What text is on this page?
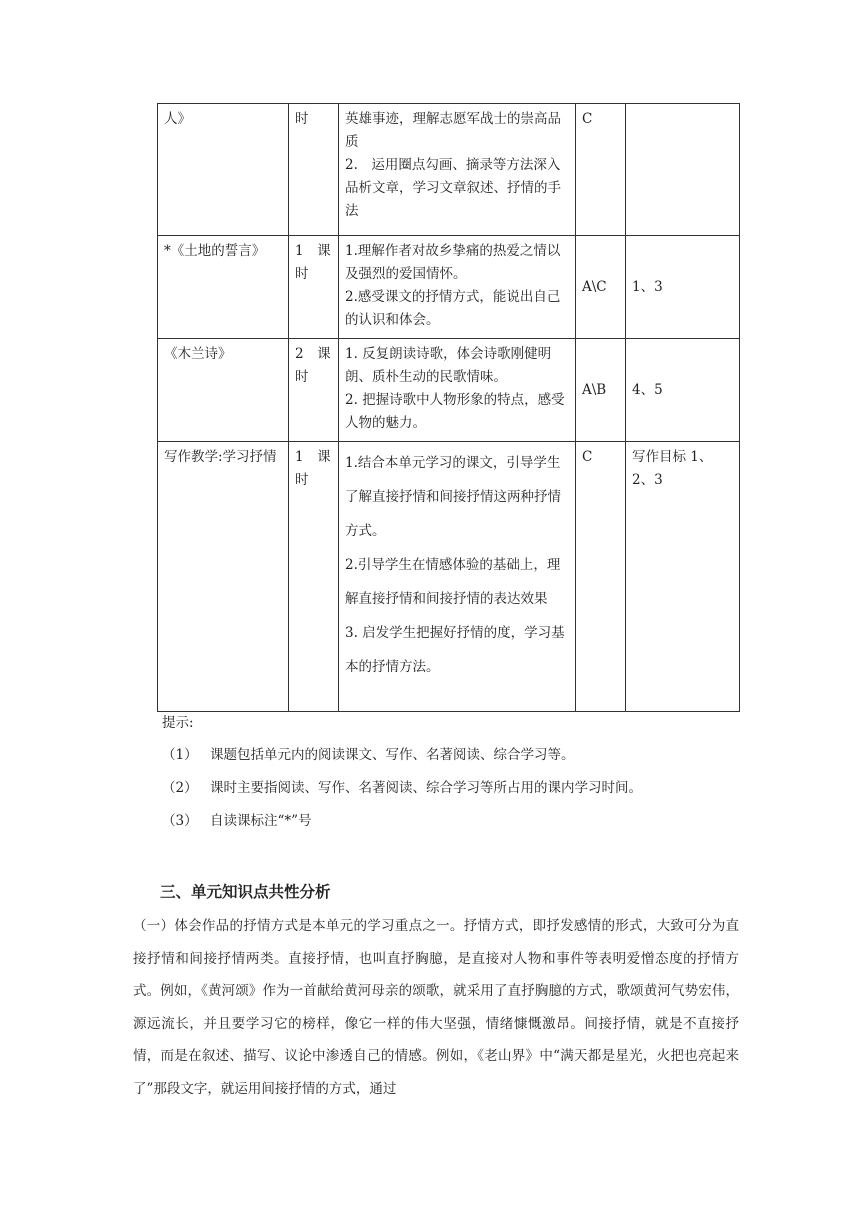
人》	时	英雄事迹，理解志愿军战士的崇高品质

2.　运用圈点勾画、摘录等方法深入品析文章，学习文章叙述、抒情的手法	C	
*《土地的誓言》	1　课时	1.理解作者对故乡挚痛的热爱之情以及强烈的爱国情怀。

2.感受课文的抒情方式，能说出自己的认识和体会。	A\C	1、3
《木兰诗》	2　课时	1. 反复朗读诗歌，体会诗歌刚健明朗、质朴生动的民歌情味。

2. 把握诗歌中人物形象的特点，感受人物的魅力。	A\B	4、5
写作教学:学习抒情	1　课时	1.结合本单元学习的课文，引导学生了解直接抒情和间接抒情这两种抒情方式。

2.引导学生在情感体验的基础上，理解直接抒情和间接抒情的表达效果

3. 启发学生把握好抒情的度，学习基本的抒情方法。	C	写作目标 1、2、3
提示:
（1） 课题包括单元内的阅读课文、写作、名著阅读、综合学习等。
（2） 课时主要指阅读、写作、名著阅读、综合学习等所占用的课内学习时间。
（3） 自读课标注“*”号
三、单元知识点共性分析

（一）体会作品的抒情方式是本单元的学习重点之一。抒情方式，即抒发感情的形式，大致可分为直接抒情和间接抒情两类。直接抒情，也叫直抒胸臆，是直接对人物和事件等表明爱憎态度的抒情方式。例如，《黄河颂》作为一首献给黄河母亲的颂歌，就采用了直抒胸臆的方式，歌颂黄河气势宏伟，源远流长，并且要学习它的榜样，像它一样的伟大坚强，情绪慷慨激昂。间接抒情，就是不直接抒情，而是在叙述、描写、议论中渗透自己的情感。例如，《老山界》中“满天都是星光，火把也亮起来了”那段文字，就运用间接抒情的方式，通过
